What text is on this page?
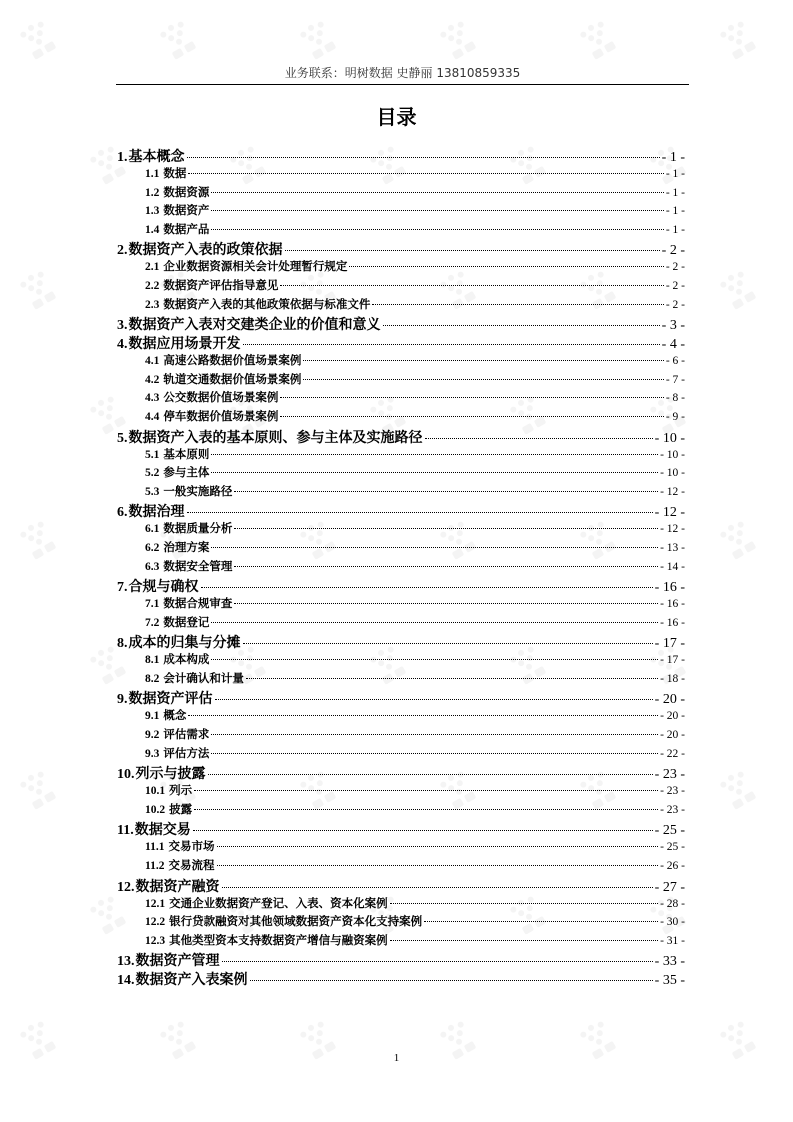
业务联系：明树数据 史静丽 13810859335
目录
1. 基本概念	- 1 -
1.1 数据	- 1 -
1.2 数据资源	- 1 -
1.3 数据资产	- 1 -
1.4 数据产品	- 1 -
2. 数据资产入表的政策依据	- 2 -
2.1 企业数据资源相关会计处理暂行规定	- 2 -
2.2 数据资产评估指导意见	- 2 -
2.3 数据资产入表的其他政策依据与标准文件	- 2 -
3. 数据资产入表对交建类企业的价值和意义	- 3 -
4. 数据应用场景开发	- 4 -
4.1 高速公路数据价值场景案例	- 6 -
4.2 轨道交通数据价值场景案例	- 7 -
4.3 公交数据价值场景案例	- 8 -
4.4 停车数据价值场景案例	- 9 -
5. 数据资产入表的基本原则、参与主体及实施路径	- 10 -
5.1 基本原则	- 10 -
5.2 参与主体	- 10 -
5.3 一般实施路径	- 12 -
6. 数据治理	- 12 -
6.1 数据质量分析	- 12 -
6.2 治理方案	- 13 -
6.3 数据安全管理	- 14 -
7. 合规与确权	- 16 -
7.1 数据合规审查	- 16 -
7.2 数据登记	- 16 -
8. 成本的归集与分摊	- 17 -
8.1 成本构成	- 17 -
8.2 会计确认和计量	- 18 -
9. 数据资产评估	- 20 -
9.1 概念	- 20 -
9.2 评估需求	- 20 -
9.3 评估方法	- 22 -
10. 列示与披露	- 23 -
10.1 列示	- 23 -
10.2 披露	- 23 -
11. 数据交易	- 25 -
11.1 交易市场	- 25 -
11.2 交易流程	- 26 -
12. 数据资产融资	- 27 -
12.1 交通企业数据资产登记、入表、资本化案例	- 28 -
12.2 银行贷款融资对其他领域数据资产资本化支持案例	- 30 -
12.3 其他类型资本支持数据资产增信与融资案例	- 31 -
13. 数据资产管理	- 33 -
14. 数据资产入表案例	- 35 -
1
